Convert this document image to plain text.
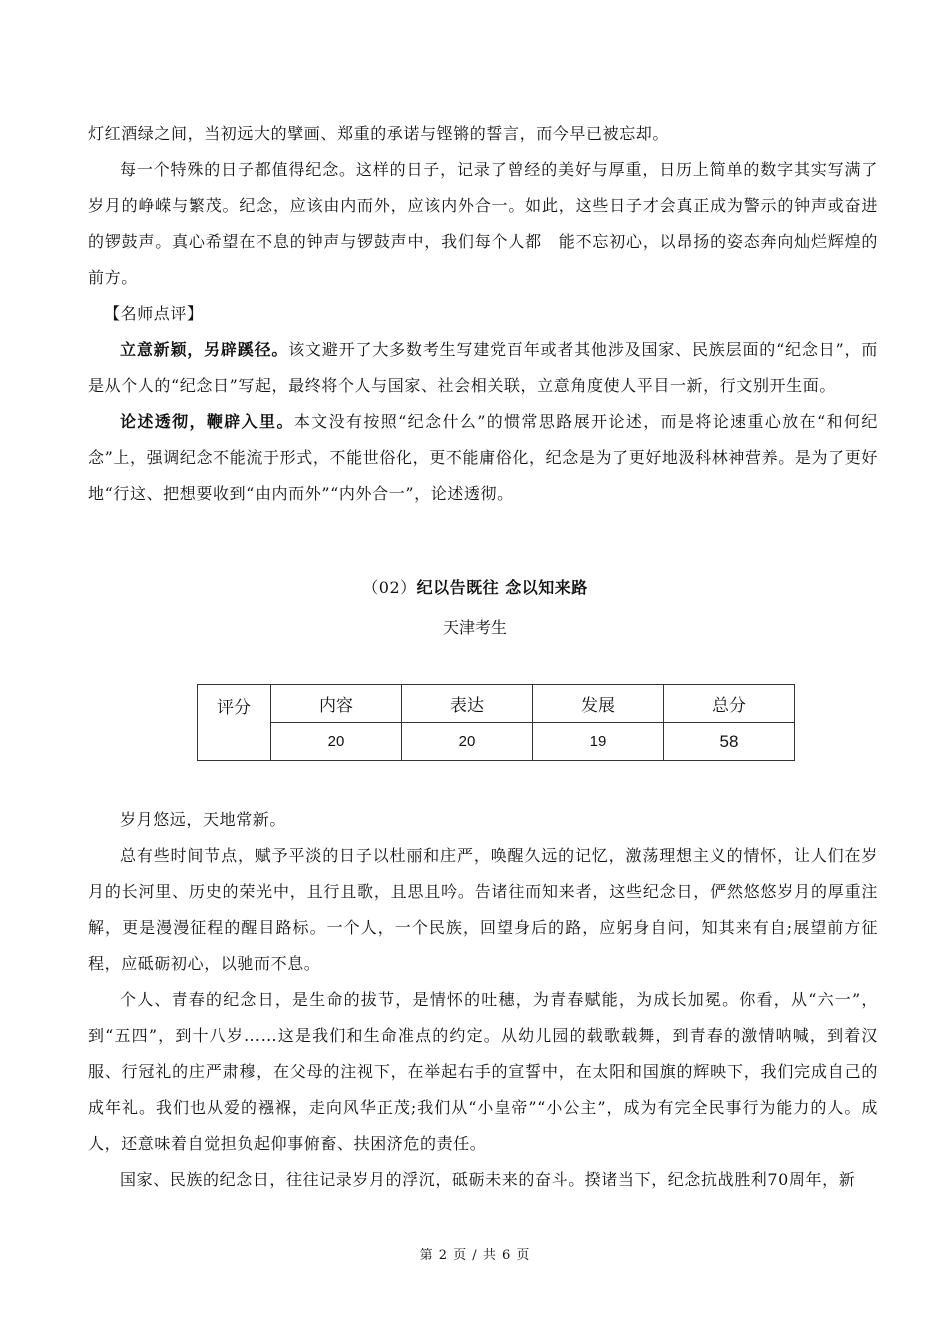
灯红酒绿之间，当初远大的擘画、郑重的承诺与铿锵的誓言，而今早已被忘却。

每一个特殊的日子都值得纪念。这样的日子，记录了曾经的美好与厚重，日历上简单的数字其实写满了岁月的峥嵘与繁茂。纪念，应该由内而外，应该内外合一。如此，这些日子才会真正成为警示的钟声或奋进的锣鼓声。真心希望在不息的钟声与锣鼓声中，我们每个人都　能不忘初心，以昂扬的姿态奔向灿烂辉煌的前方。

【名师点评】

立意新颖，另辟蹊径。该文避开了大多数考生写建党百年或者其他涉及国家、民族层面的“纪念日”，而是从个人的“纪念日”写起，最终将个人与国家、社会相关联，立意角度使人平目一新，行文别开生面。

论述透彻，鞭辟入里。本文没有按照“纪念什么”的惯常思路展开论述，而是将论速重心放在“和何纪念”上，强调纪念不能流于形式，不能世俗化，更不能庸俗化，纪念是为了更好地汲科林神营养。是为了更好地“行这、把想要收到“由内而外”“内外合一”，论述透彻。

（02）纪以告既往 念以知来路
天津考生
评分	内容	表达	发展	总分
	20	20	19	58

岁月悠远，天地常新。

总有些时间节点，赋予平淡的日子以杜丽和庄严，唤醒久远的记忆，激荡理想主义的情怀，让人们在岁月的长河里、历史的荣光中，且行且歌，且思且吟。告诸往而知来者，这些纪念日，俨然悠悠岁月的厚重注解，更是漫漫征程的醒目路标。一个人，一个民族，回望身后的路，应躬身自问，知其来有自;展望前方征程，应砥砺初心，以驰而不息。

个人、青春的纪念日，是生命的拔节，是情怀的吐穗，为青春赋能，为成长加冕。你看，从“六一”，到“五四”，到十八岁……这是我们和生命准点的约定。从幼儿园的载歌载舞，到青春的激情呐喊，到着汉服、行冠礼的庄严肃穆，在父母的注视下，在举起右手的宣誓中，在太阳和国旗的辉映下，我们完成自己的成年礼。我们也从爱的襁褓，走向风华正茂;我们从“小皇帝”“小公主”，成为有完全民事行为能力的人。成人，还意味着自觉担负起仰事俯畜、扶困济危的责任。

国家、民族的纪念日，往往记录岁月的浮沉，砥砺未来的奋斗。揆诸当下，纪念抗战胜利70周年，新

第 2 页 / 共 6 页
